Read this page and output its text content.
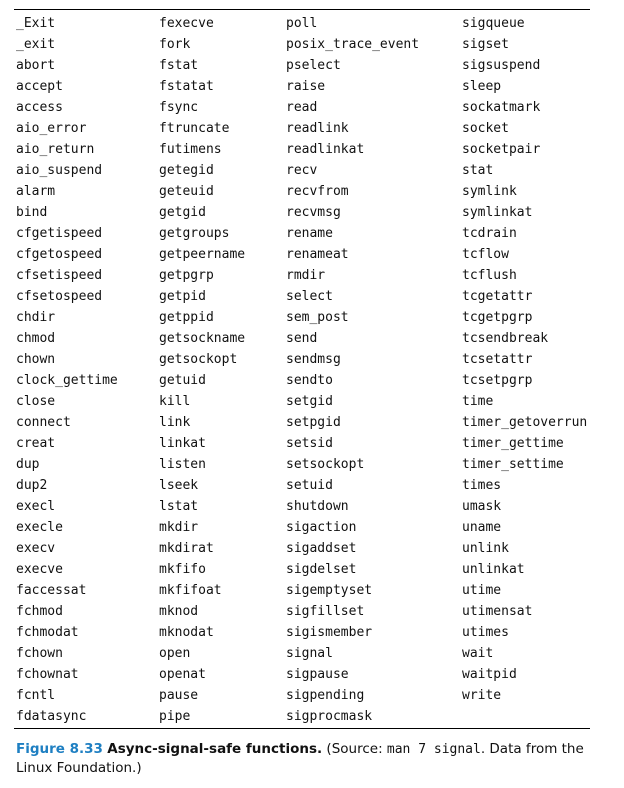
_Exit
_exit
abort
accept
access
aio_error
aio_return
aio_suspend
alarm
bind
cfgetispeed
cfgetospeed
cfsetispeed
cfsetospeed
chdir
chmod
chown
clock_gettime
close
connect
creat
dup
dup2
execl
execle
execv
execve
faccessat
fchmod
fchmodat
fchown
fchownat
fcntl
fdatasync
fexecve
fork
fstat
fstatat
fsync
ftruncate
futimens
getegid
geteuid
getgid
getgroups
getpeername
getpgrp
getpid
getppid
getsockname
getsockopt
getuid
kill
link
linkat
listen
lseek
lstat
mkdir
mkdirat
mkfifo
mkfifoat
mknod
mknodat
open
openat
pause
pipe
poll
posix_trace_event
pselect
raise
read
readlink
readlinkat
recv
recvfrom
recvmsg
rename
renameat
rmdir
select
sem_post
send
sendmsg
sendto
setgid
setpgid
setsid
setsockopt
setuid
shutdown
sigaction
sigaddset
sigdelset
sigemptyset
sigfillset
sigismember
signal
sigpause
sigpending
sigprocmask
sigqueue
sigset
sigsuspend
sleep
sockatmark
socket
socketpair
stat
symlink
symlinkat
tcdrain
tcflow
tcflush
tcgetattr
tcgetpgrp
tcsendbreak
tcsetattr
tcsetpgrp
time
timer_getoverrun
timer_gettime
timer_settime
times
umask
uname
unlink
unlinkat
utime
utimensat
utimes
wait
waitpid
write
Figure 8.33 Async-signal-safe functions. (Source: man 7 signal. Data from the Linux Foundation.)
